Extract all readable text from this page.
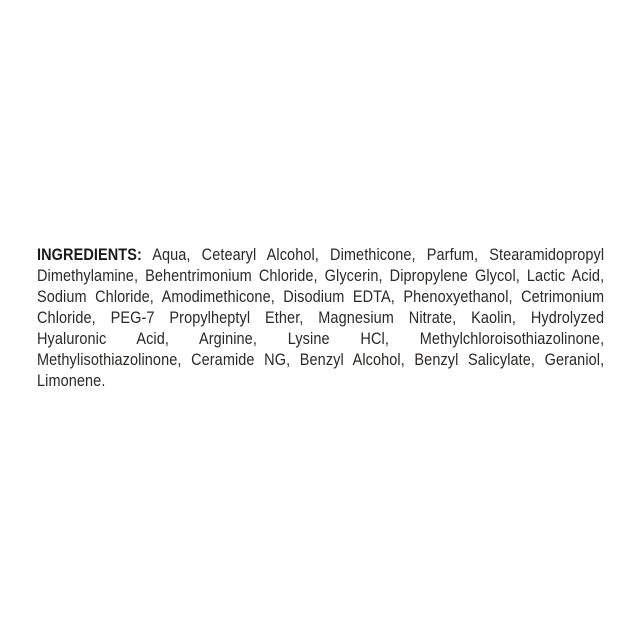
INGREDIENTS: Aqua, Cetearyl Alcohol, Dimethicone, Parfum, Stearamidopropyl
Dimethylamine, Behentrimonium Chloride, Glycerin, Dipropylene Glycol, Lactic Acid,
Sodium Chloride, Amodimethicone, Disodium EDTA, Phenoxyethanol, Cetrimonium
Chloride, PEG-7 Propylheptyl Ether, Magnesium Nitrate, Kaolin, Hydrolyzed
Hyaluronic Acid, Arginine, Lysine HCl, Methylchloroisothiazolinone,
Methylisothiazolinone, Ceramide NG, Benzyl Alcohol, Benzyl Salicylate, Geraniol,
Limonene.
